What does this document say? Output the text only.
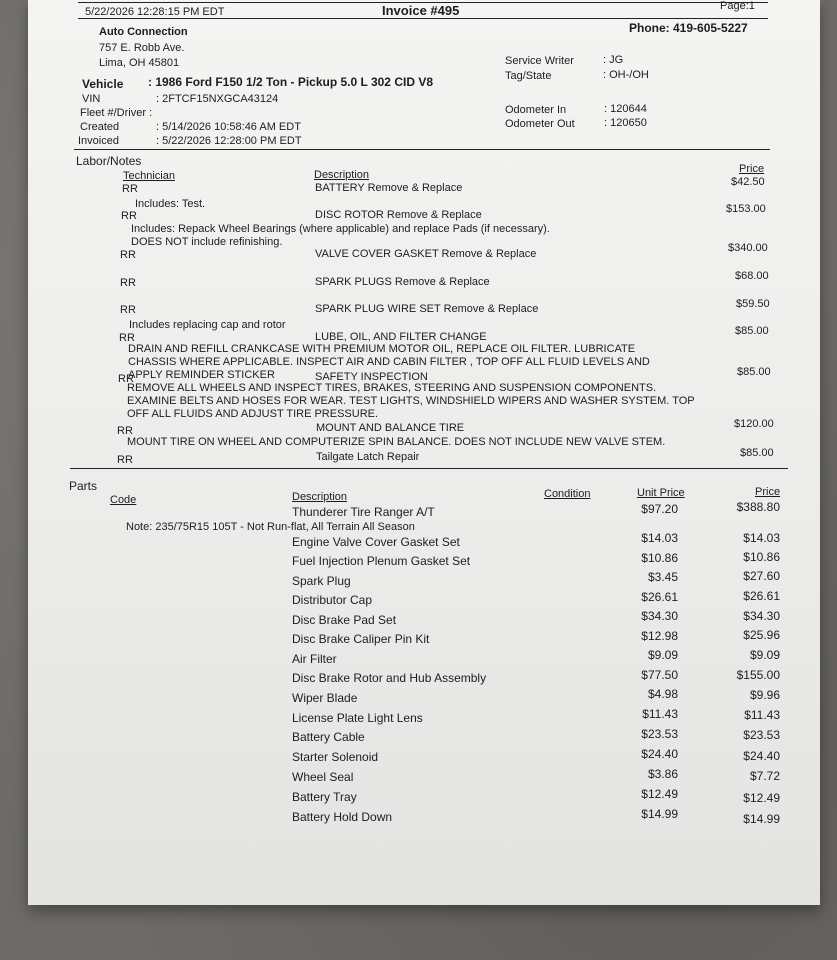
5/22/2026 12:28:15 PM EDT	Invoice #495	Page:1
Phone: 419-605-5227
Auto Connection
757 E. Robb Ave.
Lima, OH 45801	Service Writer	: JG
Tag/State	: OH-/OH
Odometer In	: 120644
Odometer Out	: 120650
Vehicle : 1986 Ford F150 1/2 Ton - Pickup 5.0 L 302 CID V8
VIN	: 2FTCF15NXGCA43124
Fleet #/Driver :
Created	: 5/14/2026 10:58:46 AM EDT
Invoiced	: 5/22/2026 12:28:00 PM EDT
Labor/Notes
Technician	Description	Price
RR	BATTERY Remove & Replace	$42.50
Includes: Test.
RR	DISC ROTOR Remove & Replace	$153.00
Includes: Repack Wheel Bearings (where applicable) and replace Pads (if necessary).
DOES NOT include refinishing.
RR	VALVE COVER GASKET Remove & Replace	$340.00
RR	SPARK PLUGS Remove & Replace	$68.00
RR	SPARK PLUG WIRE SET Remove & Replace	$59.50
Includes replacing cap and rotor
RR	LUBE, OIL, AND FILTER CHANGE	$85.00
DRAIN AND REFILL CRANKCASE WITH PREMIUM MOTOR OIL, REPLACE OIL FILTER. LUBRICATE CHASSIS WHERE APPLICABLE. INSPECT AIR AND CABIN FILTER , TOP OFF ALL FLUID LEVELS AND APPLY REMINDER STICKER
RR	SAFETY INSPECTION	$85.00
REMOVE ALL WHEELS AND INSPECT TIRES, BRAKES, STEERING AND SUSPENSION COMPONENTS. EXAMINE BELTS AND HOSES FOR WEAR. TEST LIGHTS, WINDSHIELD WIPERS AND WASHER SYSTEM. TOP OFF ALL FLUIDS AND ADJUST TIRE PRESSURE.
RR	MOUNT AND BALANCE TIRE	$120.00
MOUNT TIRE ON WHEEL AND COMPUTERIZE SPIN BALANCE. DOES NOT INCLUDE NEW VALVE STEM.
RR	Tailgate Latch Repair	$85.00
Parts
Code	Description	Condition	Unit Price	Price
Thunderer Tire Ranger A/T	$97.20	$388.80
Note: 235/75R15 105T - Not Run-flat, All Terrain All Season
Engine Valve Cover Gasket Set	$14.03	$14.03
Fuel Injection Plenum Gasket Set	$10.86	$10.86
Spark Plug	$3.45	$27.60
Distributor Cap	$26.61	$26.61
Disc Brake Pad Set	$34.30	$34.30
Disc Brake Caliper Pin Kit	$12.98	$25.96
Air Filter	$9.09	$9.09
Disc Brake Rotor and Hub Assembly	$77.50	$155.00
Wiper Blade	$4.98	$9.96
License Plate Light Lens	$11.43	$11.43
Battery Cable	$23.53	$23.53
Starter Solenoid	$24.40	$24.40
Wheel Seal	$3.86	$7.72
Battery Tray	$12.49	$12.49
Battery Hold Down	$14.99	$14.99
